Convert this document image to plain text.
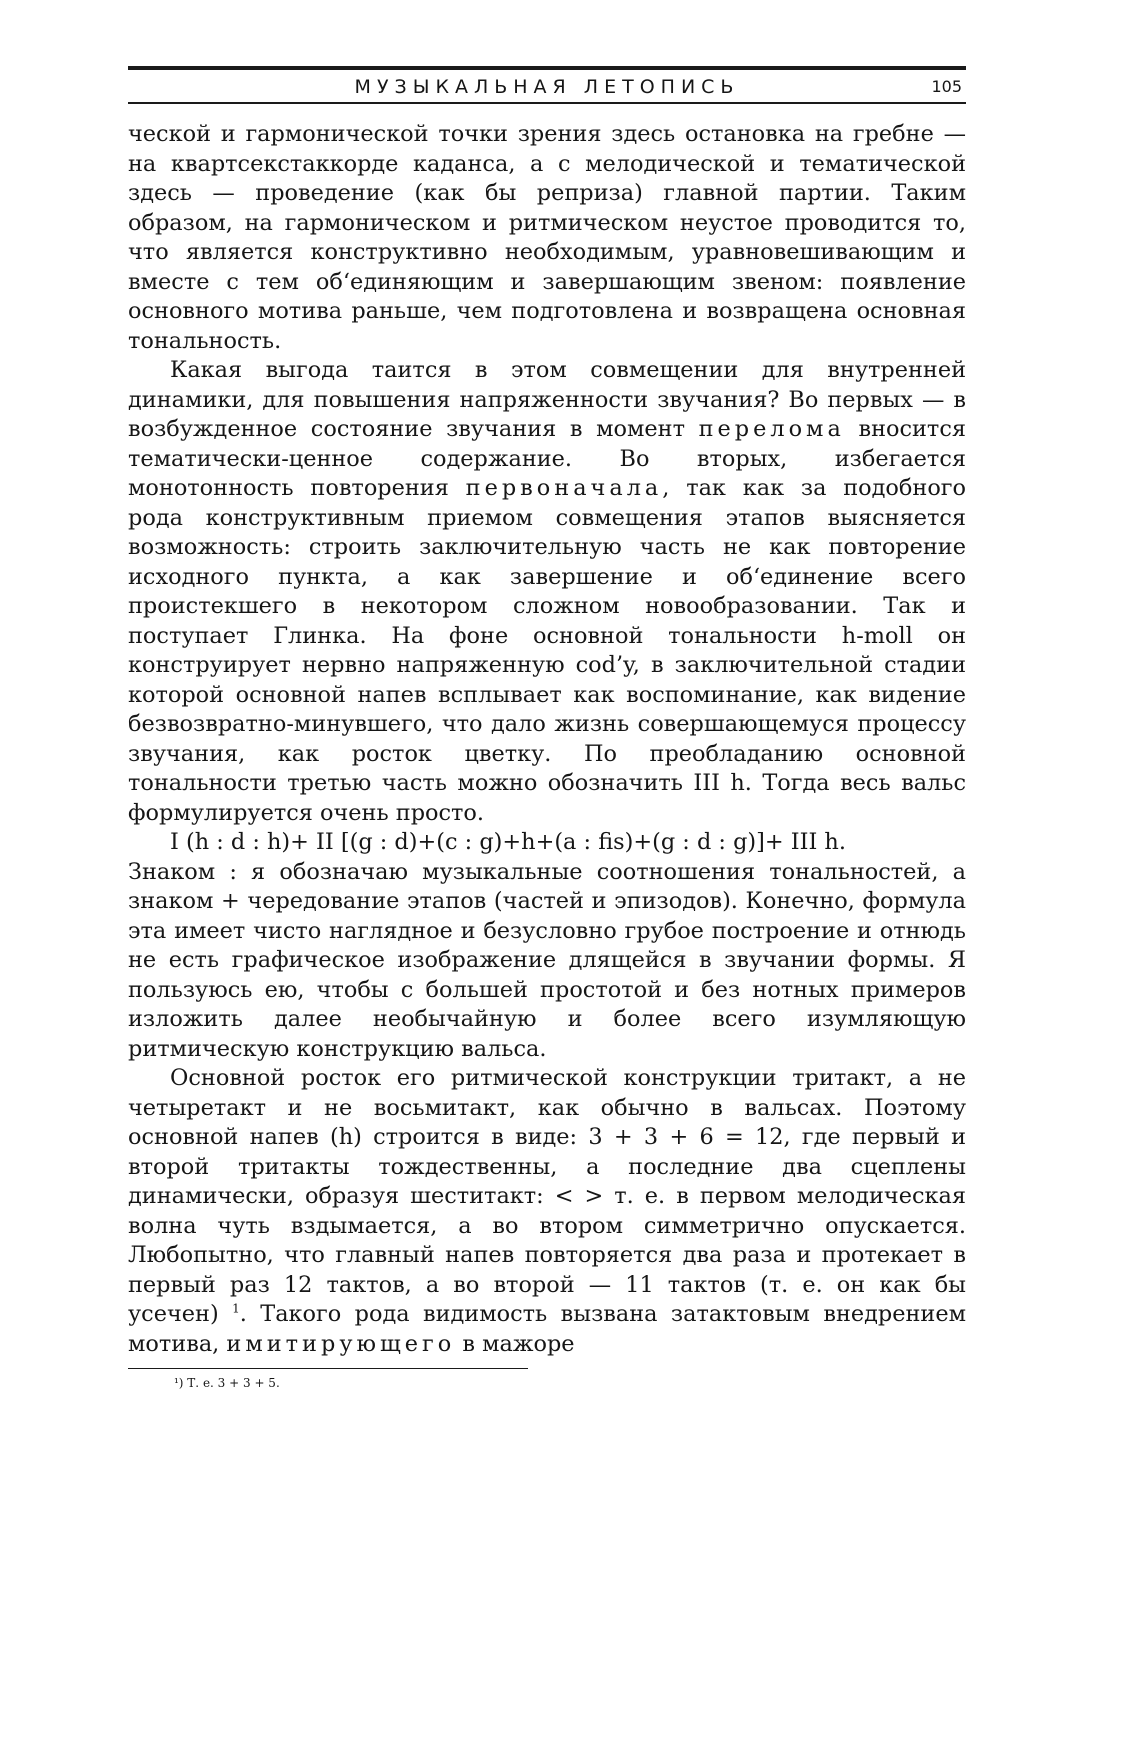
МУЗЫКАЛЬНАЯ ЛЕТОПИСЬ	105

ческой и гармонической точки зрения здесь остановка на гребне — на квартсекстаккорде каданса, а с мелодической и тематической здесь — проведение (как бы реприза) главной партии. Таким образом, на гармоническом и ритмическом неустое проводится то, что является конструктивно необходимым, уравновешивающим и вместе с тем об‘единяющим и завершающим звеном: появление основного мотива раньше, чем подготовлена и возвращена основная тональность.

Какая выгода таится в этом совмещении для внутренней динамики, для повышения напряженности звучания? Во первых — в возбужденное состояние звучания в момент перелома вносится тематически-ценное содержание. Во вторых, избегается монотонность повторения первоначала, так как за подобного рода конструктивным приемом совмещения этапов выясняется возможность: строить заключительную часть не как повторение исходного пункта, а как завершение и об‘единение всего проистекшего в некотором сложном новообразовании. Так и поступает Глинка. На фоне основной тональности h-moll он конструирует нервно напряженную cod’y, в заключительной стадии которой основной напев всплывает как воспоминание, как видение безвозвратно-минувшего, что дало жизнь совершающемуся процессу звучания, как росток цветку. По преобладанию основной тональности третью часть можно обозначить III h. Тогда весь вальс формулируется очень просто.

I (h : d : h)+ II [(g : d)+(c : g)+h+(a : fis)+(g : d : g)]+ III h.

Знаком : я обозначаю музыкальные соотношения тональностей, а знаком + чередование этапов (частей и эпизодов). Конечно, формула эта имеет чисто наглядное и безусловно грубое построение и отнюдь не есть графическое изображение длящейся в звучании формы. Я пользуюсь ею, чтобы с большей простотой и без нотных примеров изложить далее необычайную и более всего изумляющую ритмическую конструкцию вальса.

Основной росток его ритмической конструкции тритакт, а не четыретакт и не восьмитакт, как обычно в вальсах. Поэтому основной напев (h) строится в виде: 3 + 3 + 6 = 12, где первый и второй тритакты тождественны, а последние два сцеплены динамически, образуя шеститакт: < > т. е. в первом мелодическая волна чуть вздымается, а во втором симметрично опускается. Любопытно, что главный напев повторяется два раза и протекает в первый раз 12 тактов, а во второй — 11 тактов (т. е. он как бы усечен) $^1$. Такого рода видимость вызвана затактовым внедрением мотива, имитирующего в мажоре

¹) Т. е. 3 + 3 + 5.
